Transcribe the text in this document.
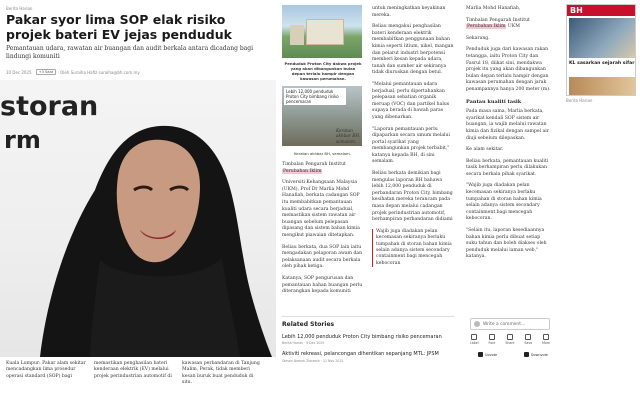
Berita Harian
Pakar syor lima SOP elak risiko projek bateri EV jejas penduduk
Pemantauan udara, rawatan air buangan dan audit berkala antara dicadang bagi lindungi komuniti
10 Dec 2025	+3 Saat	Oleh Suraiha Hafiz suraiha@bh.com.my
storan
rm
Kuala Lumpur: Pakar alam sekitar mencadangkan lima prosedur operasi standard (SOP) bagi
memastikan penghasilan bateri kenderaan elektrik (EV) melalui projek perindustrian automotif di
kawasan perbandaran di Tanjung Malim, Perak, tidak memberi kesan buruk buat penduduk di situ.
Penduduk Proton City dakwa projek yang akan dibangunkan bulan depan terlalu hampir dengan kawasan perumahan.
Lebih 12,000 penduduk Proton City bimbang risiko pencemaran
Keratan akhbar BH, semalam.
Keratan akhbar BH, semalam.

Timbalan Pengarah Institut Perubahan Iklim

Universiti Kebangsaan Malaysia (UKM), Prof Dr Marlia Mohd Hanafiah, berkata cadangan SOP itu membabitkan pemantauan kualiti udara secara berjadual, memastikan sistem rawatan air buangan sebelum pelepasan dipasang dan sistem bahan kimia mengikut piawaian ditetapkan.

Beliau berkata, dua SOP lain iaitu mengadakan pelaporan awam dan pelaksanaan audit secara berkala oleh pihak ketiga.

Katanya, SOP pengurusan dan pemantauan bahan buangan perlu diterangkan kepada komuniti

untuk meningkatkan keyakinan mereka.

Beliau mengakui penghasilan bateri kenderaan elektrik membabitkan penggunaan bahan kimia seperti litium, nikel, mangan dan pelarut industri berpotensi memberi kesan kepada udara, tanah dan sumber air sekiranya tidak diuruskan dengan betul.

"Melalui pemantauan udara berjadual, perlu dipertahankan pelepasan sebatian organik meruap (VOC) dan partikel halus supaya berada di bawah paras yang dibenarkan.

"Laporan pemantauan perlu dipaparkan secara umum melalui portal syarikat yang membangunkan projek terbabit," katanya kepada BH, di sini semalam.

Beliau berkata demikian bagi mengulas laporan BH bahawa lebih 12,000 penduduk di perbandaran Proton City, bimbang kesihatan mereka terancam pada masa depan melalui cadangan projek perindustrian automotif, berhampiran perbandaran didiami

Wajib juga diadakan pelan kecemasan sekiranya berlaku tumpahan di storan bahan kimia selain adanya sistem secondary containment bagi mencegah kebocoran
Related Stories
Lebih 12,000 penduduk Proton City bimbang risiko pencemaran
Berita Harian · 9 Dec 2025
Aktiviti rekreasi, pelancongan dihentikan sepanjang MTL: JPSM
Stesen Bomoh Ziarawih · 11 Nov 2025

Marlia Mohd Hanafiah,

Timbalan Pengarah Institut Perubahan Iklim UKM

Sekarang.

Penduduk juga dari kawasan rakan tetangga, iaitu Proton City dan Fasrul 18, diikat sini, mendakwa projek itu yang akan dibangunkan bulan depan terlalu hampir dengan kawasan perumahan dengan jarak penampannya hanya 200 meter (m).

Pantau kualiti tasik

Pada masa sama, Marlia berkata, syarikat kendali SOP sistem air buangan, ia wajib melalui rawatan kimia dan fizikal dengan sampel air diuji sebelum dilepaskan.

Ke alam sekitar.

Beliau berkata, pemantauan kualiti tasik berhampiran perlu dilakukan secara berkala pihak syarikat.

"Wajib juga diadakan pelan kecemasan sekiranya berlaku tumpahan di storan bahan kimia selain adanya sistem secondary containment bagi mencegah kebocoran.

"Selain itu, laporan kesediaannya bahan kimia perlu dibuat setiap suku tahun dan boleh diakses oleh penduduk melalui laman web," katanya.

BH
KL sasarkan sejarah sifar
Berita Harian
Write a comment...
Label	Font	Share	Save	More
Upvote	Downvote
